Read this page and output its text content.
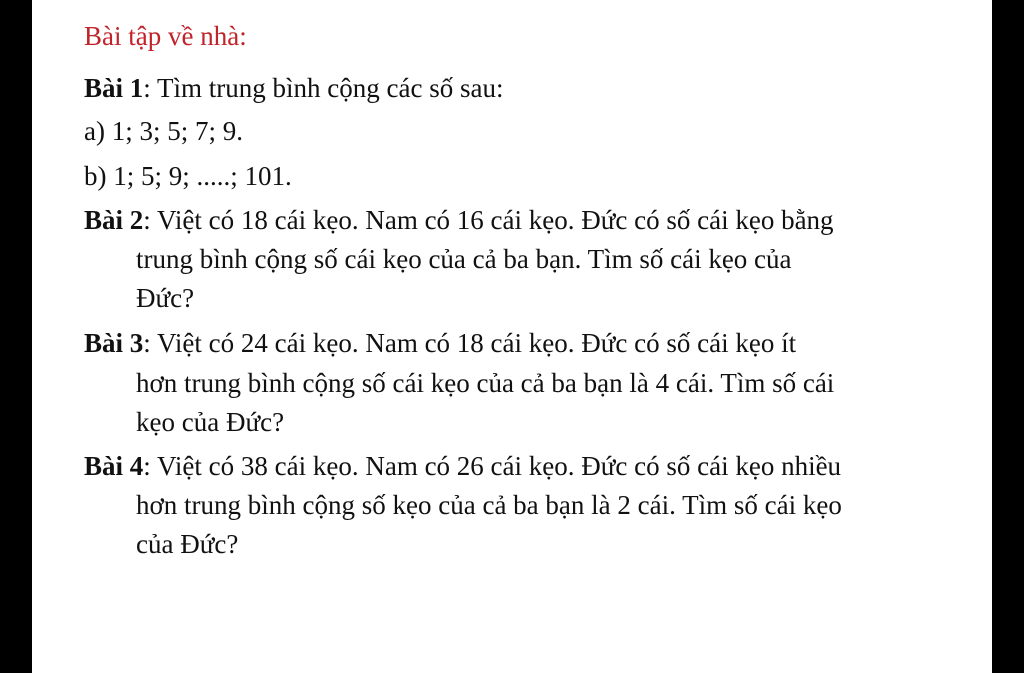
Bài tập về nhà:
Bài 1: Tìm trung bình cộng các số sau:
a) 1; 3; 5; 7; 9.
b) 1; 5; 9; .....; 101.
Bài 2: Việt có 18 cái kẹo. Nam có 16 cái kẹo. Đức có số cái kẹo bằng
trung bình cộng số cái kẹo của cả ba bạn. Tìm số cái kẹo của
Đức?
Bài 3: Việt có 24 cái kẹo. Nam có 18 cái kẹo. Đức có số cái kẹo ít
hơn trung bình cộng số cái kẹo của cả ba bạn là 4 cái. Tìm số cái
kẹo của Đức?
Bài 4: Việt có 38 cái kẹo. Nam có 26 cái kẹo. Đức có số cái kẹo nhiều
hơn trung bình cộng số kẹo của cả ba bạn là 2 cái. Tìm số cái kẹo
của Đức?
